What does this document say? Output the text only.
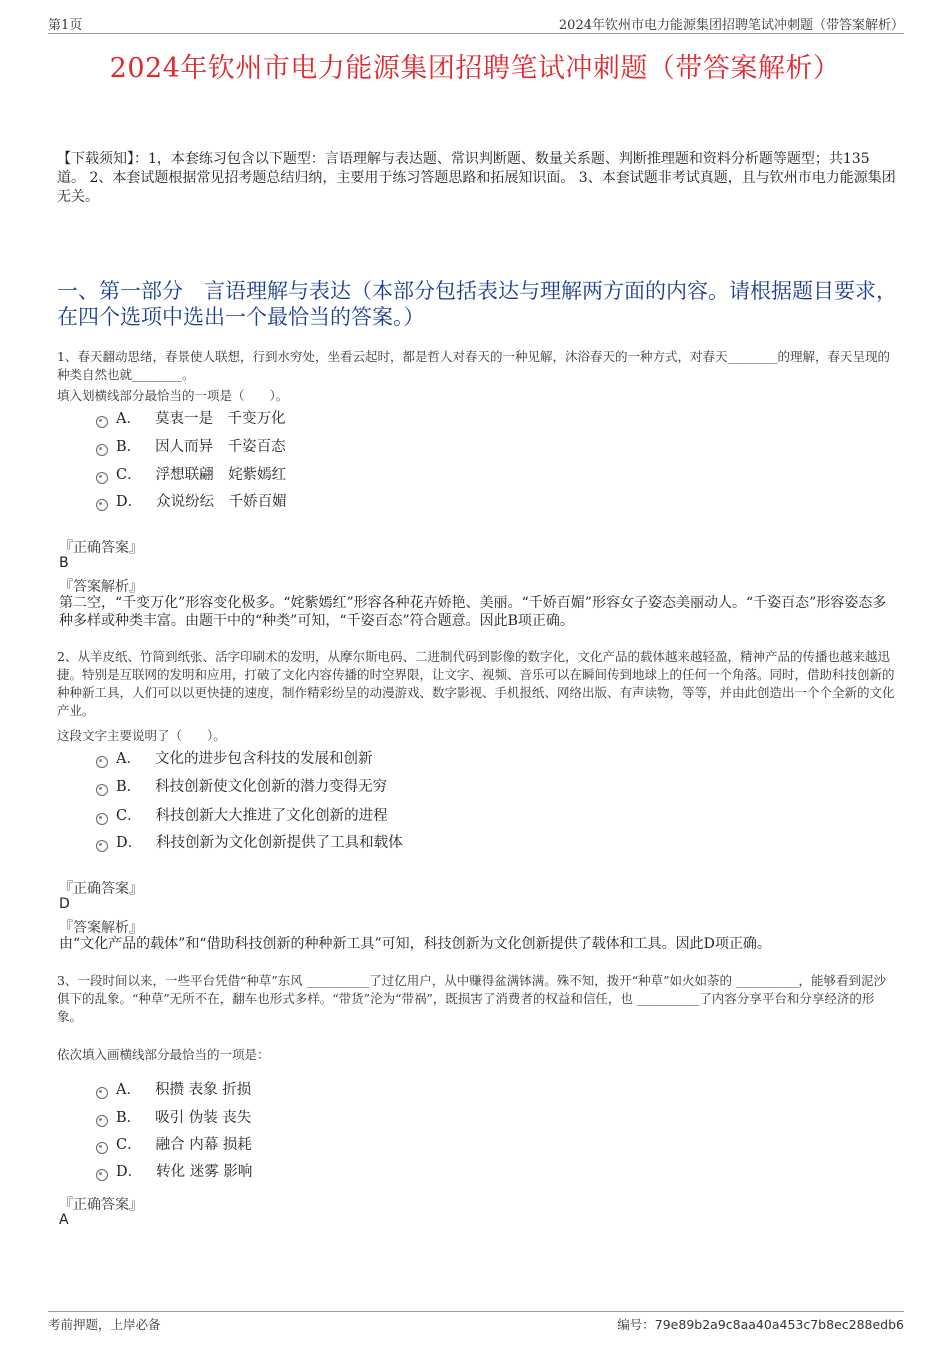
第1页	2024年钦州市电力能源集团招聘笔试冲刺题（带答案解析）
2024年钦州市电力能源集团招聘笔试冲刺题（带答案解析）
【下载须知】：1，本套练习包含以下题型：言语理解与表达题、常识判断题、数量关系题、判断推理题和资料分析题等题型；共135道。 2、本套试题根据常见招考题总结归纳，主要用于练习答题思路和拓展知识面。 3、本套试题非考试真题，且与钦州市电力能源集团无关。
一、第一部分　言语理解与表达（本部分包括表达与理解两方面的内容。请根据题目要求，在四个选项中选出一个最恰当的答案。）
1、春天翻动思绪，春景使人联想，行到水穷处，坐看云起时，都是哲人对春天的一种见解，沐浴春天的一种方式，对春天________的理解，春天呈现的种类自然也就________。
填入划横线部分最恰当的一项是（　　）。
A． 莫衷一是　千变万化
B． 因人而异　千姿百态
C． 浮想联翩　姹紫嫣红
D． 众说纷纭　千娇百媚
『正确答案』
B
『答案解析』
第二空，“千变万化”形容变化极多。“姹紫嫣红”形容各种花卉娇艳、美丽。“千娇百媚”形容女子姿态美丽动人。“千姿百态”形容姿态多种多样或种类丰富。由题干中的“种类”可知，“千姿百态”符合题意。因此B项正确。
2、从羊皮纸、竹简到纸张、活字印刷术的发明，从摩尔斯电码、二进制代码到影像的数字化，文化产品的载体越来越轻盈，精神产品的传播也越来越迅捷。特别是互联网的发明和应用，打破了文化内容传播的时空界限，让文字、视频、音乐可以在瞬间传到地球上的任何一个角落。同时，借助科技创新的种种新工具，人们可以以更快捷的速度，制作精彩纷呈的动漫游戏、数字影视、手机报纸、网络出版、有声读物，等等，并由此创造出一个个全新的文化产业。
这段文字主要说明了（　　）。
A． 文化的进步包含科技的发展和创新
B． 科技创新使文化创新的潜力变得无穷
C． 科技创新大大推进了文化创新的进程
D． 科技创新为文化创新提供了工具和载体
『正确答案』
D
『答案解析』
由“文化产品的载体”和“借助科技创新的种种新工具”可知，科技创新为文化创新提供了载体和工具。因此D项正确。
3、一段时间以来，一些平台凭借“种草”东风 __________了过亿用户，从中赚得盆满钵满。殊不知，拨开“种草”如火如荼的 __________，能够看到泥沙俱下的乱象。“种草”无所不在，翻车也形式多样。“带货”沦为“带祸”，既损害了消费者的权益和信任，也 __________了内容分享平台和分享经济的形象。
依次填入画横线部分最恰当的一项是：
A． 积攒 表象 折损
B． 吸引 伪装 丧失
C． 融合 内幕 损耗
D． 转化 迷雾 影响
『正确答案』
A
考前押题，上岸必备	编号：79e89b2a9c8aa40a453c7b8ec288edb6
